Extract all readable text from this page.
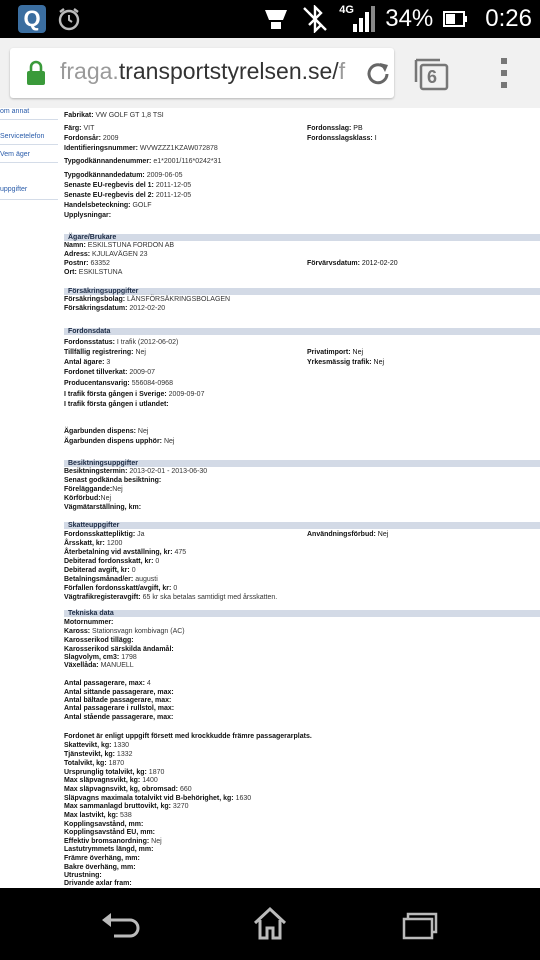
Q	4G 34% 0:26
fraga.transportstyrelsen.se/f	6
om annat
Servicetelefon
Vem äger
uppgifter
Fabrikat: VW GOLF GT 1,8 TSI
Färg: VIT	Fordonsslag: PB
Fordonsår: 2009	Fordonsslagsklass: I
Identifieringsnummer: WVWZZZ1KZAW072878
Typgodkännandenummer: e1*2001/116*0242*31
Typgodkännandedatum: 2009-06-05
Senaste EU-regbevis del 1: 2011-12-05
Senaste EU-regbevis del 2: 2011-12-05
Handelsbeteckning: GOLF
Upplysningar:
Ägare/Brukare
Namn: ESKILSTUNA FORDON AB
Adress: KJULAVÄGEN 23
Postnr: 63352	Förvärvsdatum: 2012-02-20
Ort: ESKILSTUNA
Försäkringsuppgifter
Försäkringsbolag: LÄNSFÖRSÄKRINGSBOLAGEN
Försäkringsdatum: 2012-02-20
Fordonsdata
Fordonsstatus: I trafik (2012-06-02)
Tillfällig registrering: Nej	Privatimport: Nej
Antal ägare: 3	Yrkesmässig trafik: Nej
Fordonet tillverkat: 2009-07
Producentansvarig: 556084-0968
I trafik första gången i Sverige: 2009-09-07
I trafik första gången i utlandet:
Ägarbunden dispens: Nej
Ägarbunden dispens upphör: Nej
Besiktningsuppgifter
Besiktningstermin: 2013-02-01 - 2013-06-30
Senast godkända besiktning:
Föreläggande:Nej
Körförbud:Nej
Vägmätarställning, km:
Skatteuppgifter
Fordonsskattepliktig: Ja	Användningsförbud: Nej
Årsskatt, kr: 1200
Återbetalning vid avställning, kr: 475
Debiterad fordonsskatt, kr: 0
Debiterad avgift, kr: 0
Betalningsmånad/er: augusti
Förfallen fordonsskatt/avgift, kr: 0
Vägtrafikregisteravgift: 65 kr ska betalas samtidigt med årsskatten.
Tekniska data
Motornummer:
Kaross: Stationsvagn kombivagn (AC)
Karosserikod tillägg:
Karosserikod särskilda ändamål:
Slagvolym, cm3: 1798
Växellåda: MANUELL
Antal passagerare, max: 4
Antal sittande passagerare, max:
Antal bältade passagerare, max:
Antal passagerare i rullstol, max:
Antal stående passagerare, max:
Fordonet är enligt uppgift försett med krockkudde främre passagerarplats.
Skattevikt, kg: 1330
Tjänstevikt, kg: 1332
Totalvikt, kg: 1870
Ursprunglig totalvikt, kg: 1870
Max släpvagnsvikt, kg: 1400
Max släpvagnsvikt, kg, obromsad: 660
Släpvagns maximala totalvikt vid B-behörighet, kg: 1630
Max sammanlagd bruttovikt, kg: 3270
Max lastvikt, kg: 538
Kopplingsavstånd, mm:
Kopplingsavstånd EU, mm:
Effektiv bromsanordning: Nej
Lastutrymmets längd, mm:
Främre överhäng, mm:
Bakre överhäng, mm:
Utrustning:
Drivande axlar fram:
